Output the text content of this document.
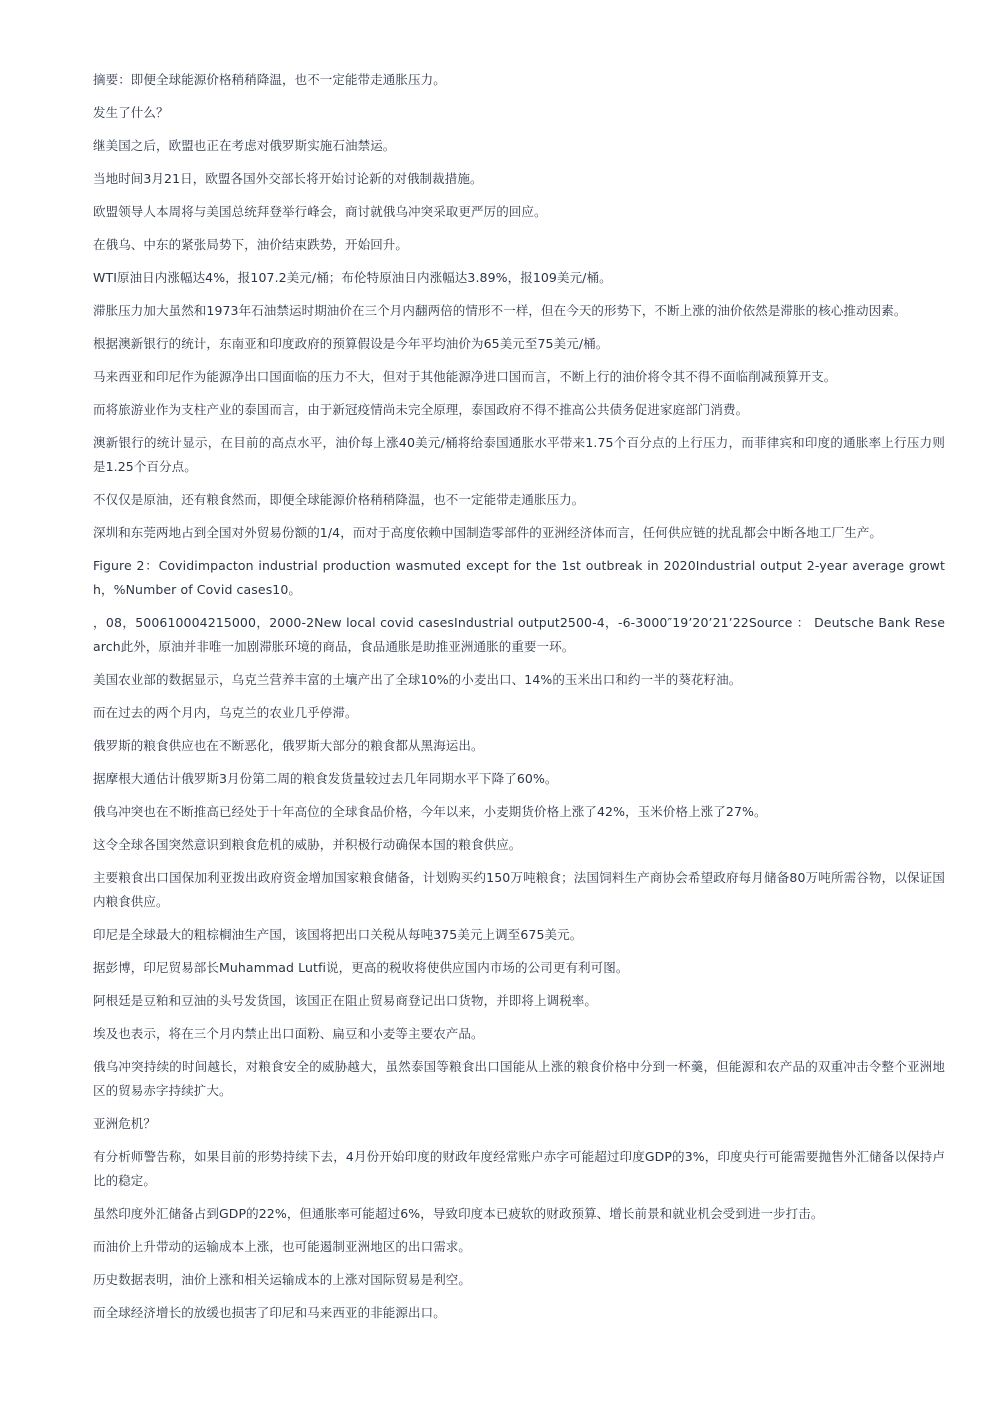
摘要：即便全球能源价格稍稍降温，也不一定能带走通胀压力。

发生了什么？

继美国之后，欧盟也正在考虑对俄罗斯实施石油禁运。

当地时间3月21日，欧盟各国外交部长将开始讨论新的对俄制裁措施。

欧盟领导人本周将与美国总统拜登举行峰会，商讨就俄乌冲突采取更严厉的回应。

在俄乌、中东的紧张局势下，油价结束跌势，开始回升。

WTI原油日内涨幅达4%，报107.2美元/桶；布伦特原油日内涨幅达3.89%，报109美元/桶。

滞胀压力加大虽然和1973年石油禁运时期油价在三个月内翻两倍的情形不一样，但在今天的形势下，不断上涨的油价依然是滞胀的核心推动因素。

根据澳新银行的统计，东南亚和印度政府的预算假设是今年平均油价为65美元至75美元/桶。

马来西亚和印尼作为能源净出口国面临的压力不大，但对于其他能源净进口国而言，不断上行的油价将令其不得不面临削减预算开支。

而将旅游业作为支柱产业的泰国而言，由于新冠疫情尚未完全原理，泰国政府不得不推高公共债务促进家庭部门消费。

澳新银行的统计显示，在目前的高点水平，油价每上涨40美元/桶将给泰国通胀水平带来1.75个百分点的上行压力，而菲律宾和印度的通胀率上行压力则是1.25个百分点。

不仅仅是原油，还有粮食然而，即便全球能源价格稍稍降温，也不一定能带走通胀压力。

深圳和东莞两地占到全国对外贸易份额的1/4，而对于高度依赖中国制造零部件的亚洲经济体而言，任何供应链的扰乱都会中断各地工厂生产。

Figure 2：Covidimpacton industrial production wasmuted except for the 1st outbreak in 2020Industrial output 2-year average growth，%Number of Covid cases10。

，08，500610004215000，2000-2New local covid casesIndustrial output2500-4，-6-3000″19’20’21’22Source ： Deutsche Bank Research此外，原油并非唯一加剧滞胀环境的商品，食品通胀是助推亚洲通胀的重要一环。

美国农业部的数据显示，乌克兰营养丰富的土壤产出了全球10%的小麦出口、14%的玉米出口和约一半的葵花籽油。

而在过去的两个月内，乌克兰的农业几乎停滞。

俄罗斯的粮食供应也在不断恶化，俄罗斯大部分的粮食都从黑海运出。

据摩根大通估计俄罗斯3月份第二周的粮食发货量较过去几年同期水平下降了60%。

俄乌冲突也在不断推高已经处于十年高位的全球食品价格，今年以来，小麦期货价格上涨了42%，玉米价格上涨了27%。

这令全球各国突然意识到粮食危机的威胁，并积极行动确保本国的粮食供应。

主要粮食出口国保加利亚拨出政府资金增加国家粮食储备，计划购买约150万吨粮食；法国饲料生产商协会希望政府每月储备80万吨所需谷物，以保证国内粮食供应。

印尼是全球最大的粗棕榈油生产国，该国将把出口关税从每吨375美元上调至675美元。

据彭博，印尼贸易部长Muhammad Lutfi说，更高的税收将使供应国内市场的公司更有利可图。

阿根廷是豆粕和豆油的头号发货国，该国正在阻止贸易商登记出口货物，并即将上调税率。

埃及也表示，将在三个月内禁止出口面粉、扁豆和小麦等主要农产品。

俄乌冲突持续的时间越长，对粮食安全的威胁越大，虽然泰国等粮食出口国能从上涨的粮食价格中分到一杯羹，但能源和农产品的双重冲击令整个亚洲地区的贸易赤字持续扩大。

亚洲危机？

有分析师警告称，如果目前的形势持续下去，4月份开始印度的财政年度经常账户赤字可能超过印度GDP的3%，印度央行可能需要抛售外汇储备以保持卢比的稳定。

虽然印度外汇储备占到GDP的22%，但通胀率可能超过6%，导致印度本已疲软的财政预算、增长前景和就业机会受到进一步打击。

而油价上升带动的运输成本上涨，也可能遏制亚洲地区的出口需求。

历史数据表明，油价上涨和相关运输成本的上涨对国际贸易是利空。

而全球经济增长的放缓也损害了印尼和马来西亚的非能源出口。
